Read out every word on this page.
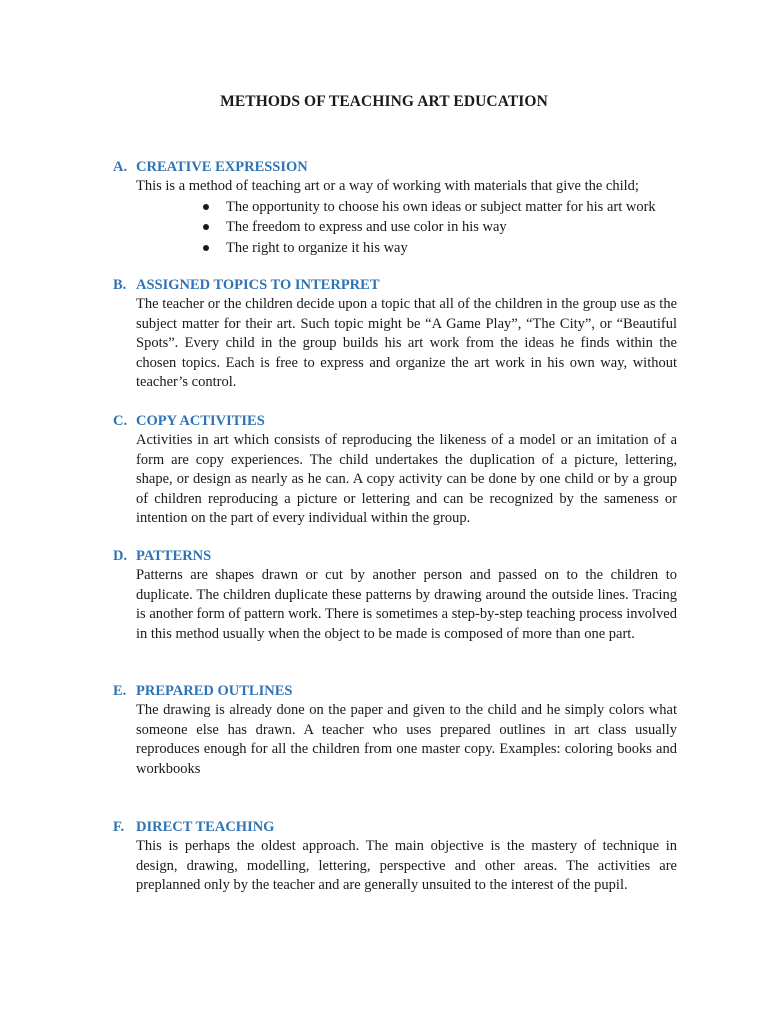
METHODS OF TEACHING ART EDUCATION
A. CREATIVE EXPRESSION

This is a method of teaching art or a way of working with materials that give the child;

The opportunity to choose his own ideas or subject matter for his art work
The freedom to express and use color in his way
The right to organize it his way
B. ASSIGNED TOPICS TO INTERPRET

The teacher or the children decide upon a topic that all of the children in the group use as the subject matter for their art. Such topic might be “A Game Play”, “The City”, or “Beautiful Spots”. Every child in the group builds his art work from the ideas he finds within the chosen topics. Each is free to express and organize the art work in his own way, without teacher’s control.

C. COPY ACTIVITIES

Activities in art which consists of reproducing the likeness of a model or an imitation of a form are copy experiences. The child undertakes the duplication of a picture, lettering, shape, or design as nearly as he can. A copy activity can be done by one child or by a group of children reproducing a picture or lettering and can be recognized by the sameness or intention on the part of every individual within the group.

D. PATTERNS

Patterns are shapes drawn or cut by another person and passed on to the children to duplicate. The children duplicate these patterns by drawing around the outside lines. Tracing is another form of pattern work. There is sometimes a step-by-step teaching process involved in this method usually when the object to be made is composed of more than one part.

E. PREPARED OUTLINES

The drawing is already done on the paper and given to the child and he simply colors what someone else has drawn. A teacher who uses prepared outlines in art class usually reproduces enough for all the children from one master copy. Examples: coloring books and workbooks

F. DIRECT TEACHING

This is perhaps the oldest approach. The main objective is the mastery of technique in design, drawing, modelling, lettering, perspective and other areas. The activities are preplanned only by the teacher and are generally unsuited to the interest of the pupil.
